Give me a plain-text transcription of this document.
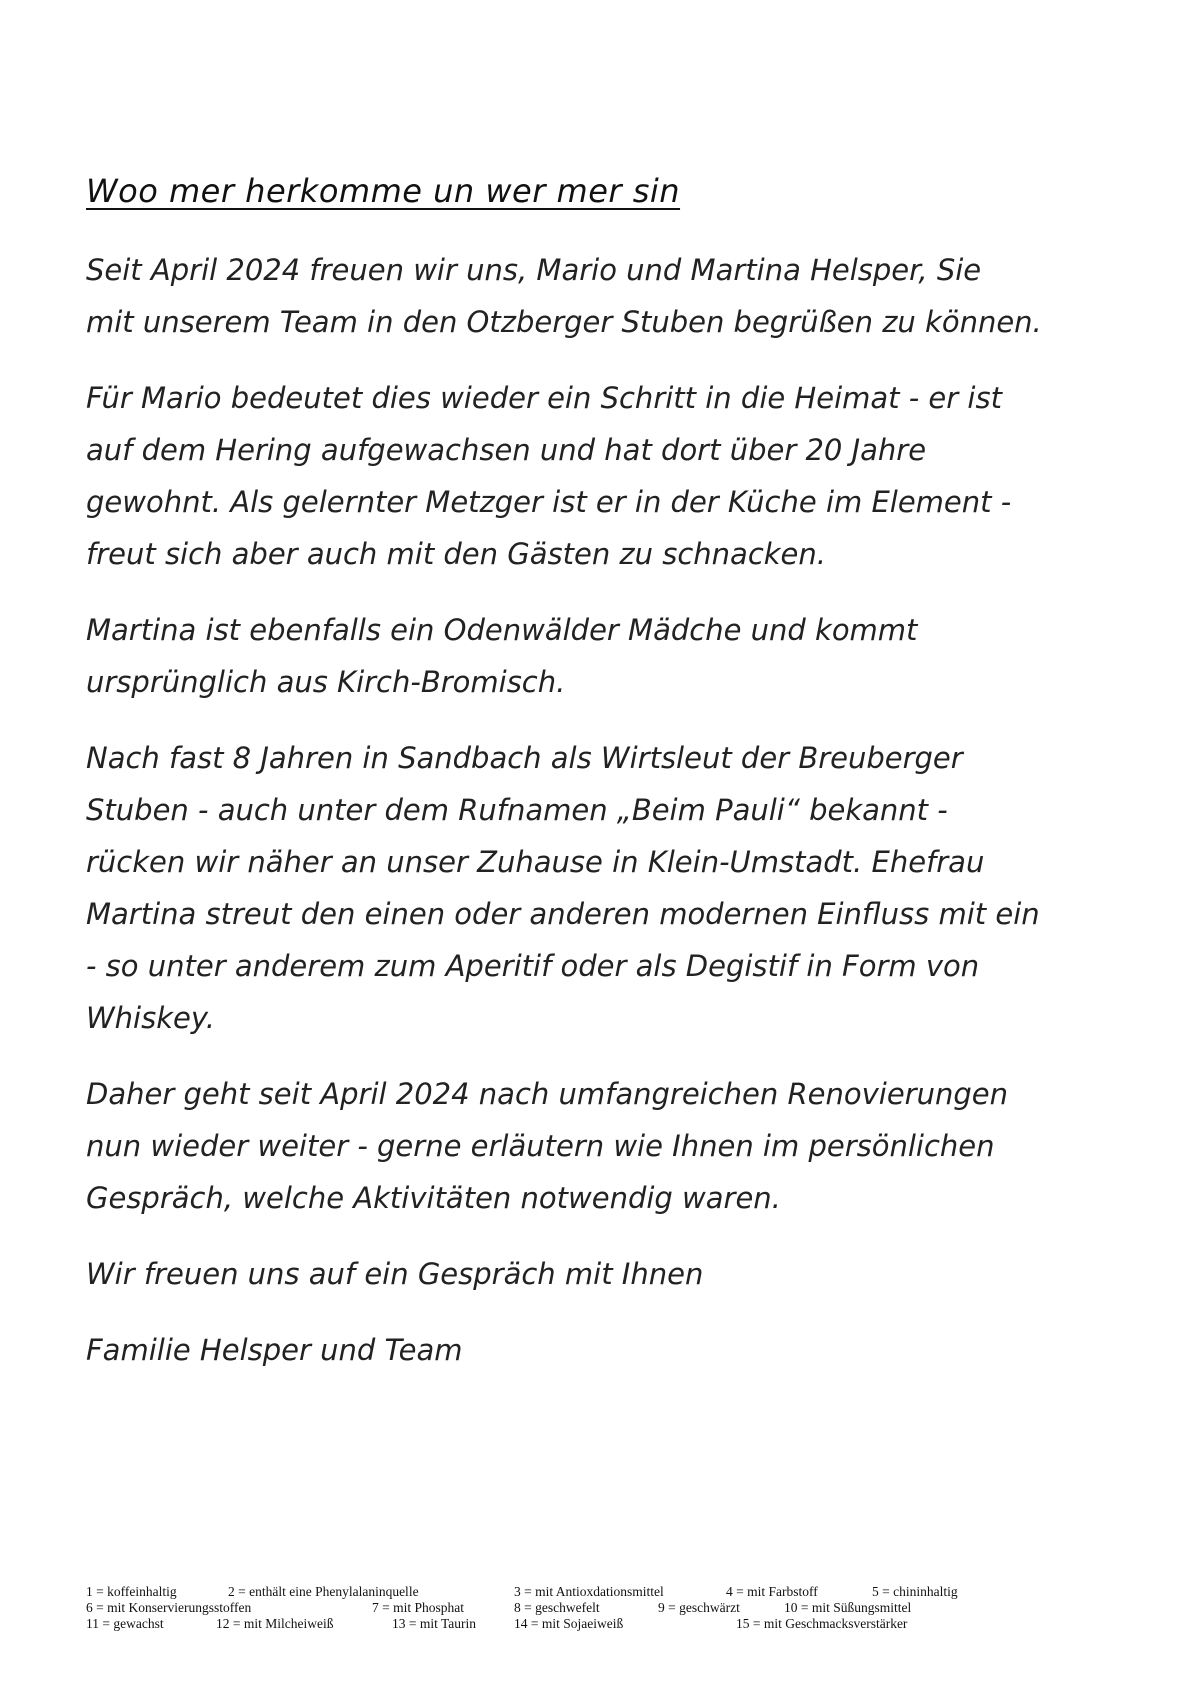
Woo mer herkomme un wer mer sin

Seit April 2024 freuen wir uns, Mario und Martina Helsper, Sie
mit unserem Team in den Otzberger Stuben begrüßen zu können.

Für Mario bedeutet dies wieder ein Schritt in die Heimat - er ist
auf dem Hering aufgewachsen und hat dort über 20 Jahre
gewohnt. Als gelernter Metzger ist er in der Küche im Element -
freut sich aber auch mit den Gästen zu schnacken.

Martina ist ebenfalls ein Odenwälder Mädche und kommt
ursprünglich aus Kirch-Bromisch.

Nach fast 8 Jahren in Sandbach als Wirtsleut der Breuberger
Stuben - auch unter dem Rufnamen „Beim Pauli“ bekannt -
rücken wir näher an unser Zuhause in Klein-Umstadt. Ehefrau
Martina streut den einen oder anderen modernen Einfluss mit ein
- so unter anderem zum Aperitif oder als Degistif in Form von
Whiskey.

Daher geht seit April 2024 nach umfangreichen Renovierungen
nun wieder weiter - gerne erläutern wie Ihnen im persönlichen
Gespräch, welche Aktivitäten notwendig waren.

Wir freuen uns auf ein Gespräch mit Ihnen

Familie Helsper und Team

1 = koffeinhaltig	2 = enthält eine Phenylalaninquelle	3 = mit Antioxdationsmittel	4 = mit Farbstoff	5 = chininhaltig
6 = mit Konservierungsstoffen	7 = mit Phosphat	8 = geschwefelt	9 = geschwärzt	10 = mit Süßungsmittel
11 = gewachst	12 = mit Milcheiweiß	13 = mit Taurin	14 = mit Sojaeiweiß	15 = mit Geschmacksverstärker
